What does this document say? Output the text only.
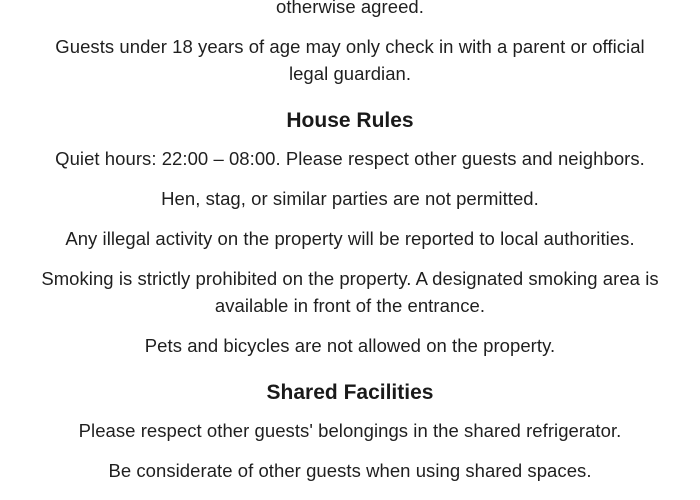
otherwise agreed.

Guests under 18 years of age may only check in with a parent or official legal guardian.

House Rules

Quiet hours: 22:00 – 08:00. Please respect other guests and neighbors.

Hen, stag, or similar parties are not permitted.

Any illegal activity on the property will be reported to local authorities.

Smoking is strictly prohibited on the property. A designated smoking area is available in front of the entrance.

Pets and bicycles are not allowed on the property.

Shared Facilities

Please respect other guests' belongings in the shared refrigerator.

Be considerate of other guests when using shared spaces.
